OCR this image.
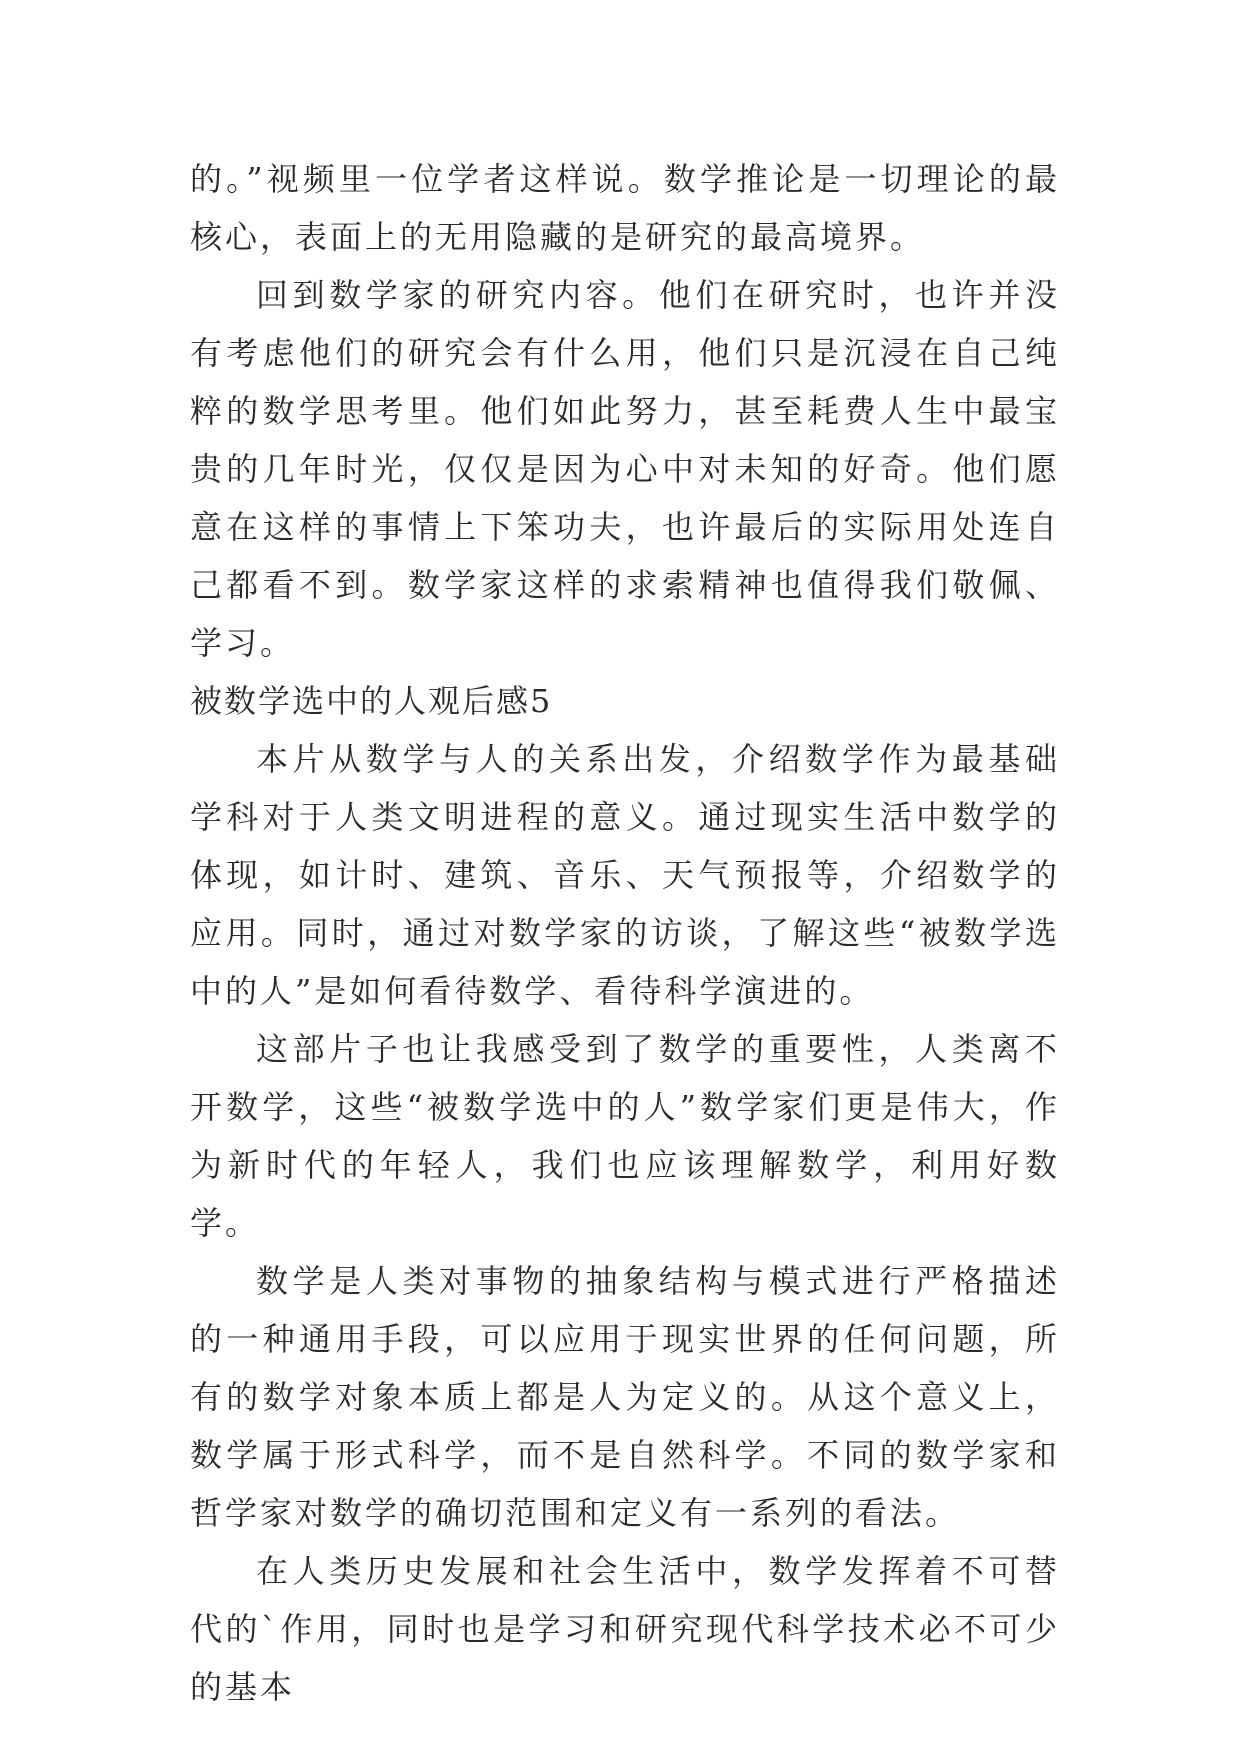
的。”视频里一位学者这样说。数学推论是一切理论的最核心，表面上的无用隐藏的是研究的最高境界。

回到数学家的研究内容。他们在研究时，也许并没有考虑他们的研究会有什么用，他们只是沉浸在自己纯粹的数学思考里。他们如此努力，甚至耗费人生中最宝贵的几年时光，仅仅是因为心中对未知的好奇。他们愿意在这样的事情上下笨功夫，也许最后的实际用处连自己都看不到。数学家这样的求索精神也值得我们敬佩、学习。

被数学选中的人观后感5

本片从数学与人的关系出发，介绍数学作为最基础学科对于人类文明进程的意义。通过现实生活中数学的体现，如计时、建筑、音乐、天气预报等，介绍数学的应用。同时，通过对数学家的访谈，了解这些“被数学选中的人”是如何看待数学、看待科学演进的。

这部片子也让我感受到了数学的重要性，人类离不开数学，这些“被数学选中的人”数学家们更是伟大，作为新时代的年轻人，我们也应该理解数学，利用好数学。

数学是人类对事物的抽象结构与模式进行严格描述的一种通用手段，可以应用于现实世界的任何问题，所有的数学对象本质上都是人为定义的。从这个意义上，数学属于形式科学，而不是自然科学。不同的数学家和哲学家对数学的确切范围和定义有一系列的看法。

在人类历史发展和社会生活中，数学发挥着不可替代的`作用，同时也是学习和研究现代科学技术必不可少的基本
